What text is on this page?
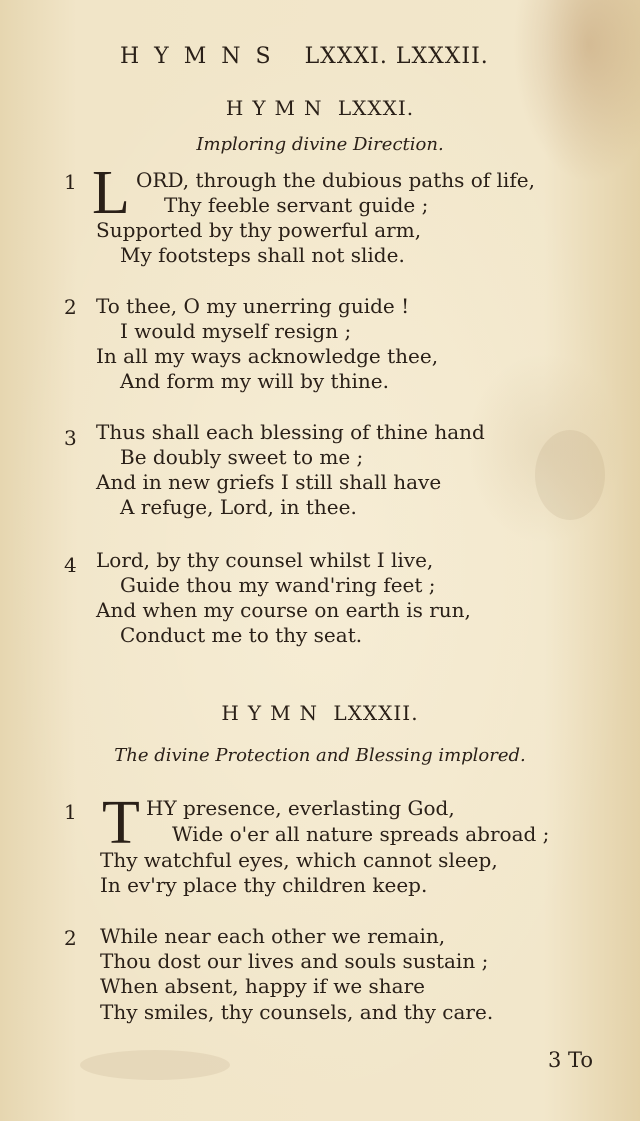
HYMNS LXXXI. LXXXII.
HYMN LXXXI.
Imploring divine Direction.
1 L ORD, through the dubious paths of life,
Thy feeble servant guide ;
Supported by thy powerful arm,
My footsteps shall not slide.
2 To thee, O my unerring guide !
I would myself resign ;
In all my ways acknowledge thee,
And form my will by thine.
3 Thus shall each blessing of thine hand
Be doubly sweet to me ;
And in new griefs I still shall have
A refuge, Lord, in thee.
4 Lord, by thy counsel whilst I live,
Guide thou my wand'ring feet ;
And when my course on earth is run,
Conduct me to thy seat.
HYMN LXXXII.
The divine Protection and Blessing implored.
1 T HY presence, everlasting God,
Wide o'er all nature spreads abroad ;
Thy watchful eyes, which cannot sleep,
In ev'ry place thy children keep.
2	While near each other we remain,
Thou dost our lives and souls sustain ;
When absent, happy if we share
Thy smiles, thy counsels, and thy care.
3 To
